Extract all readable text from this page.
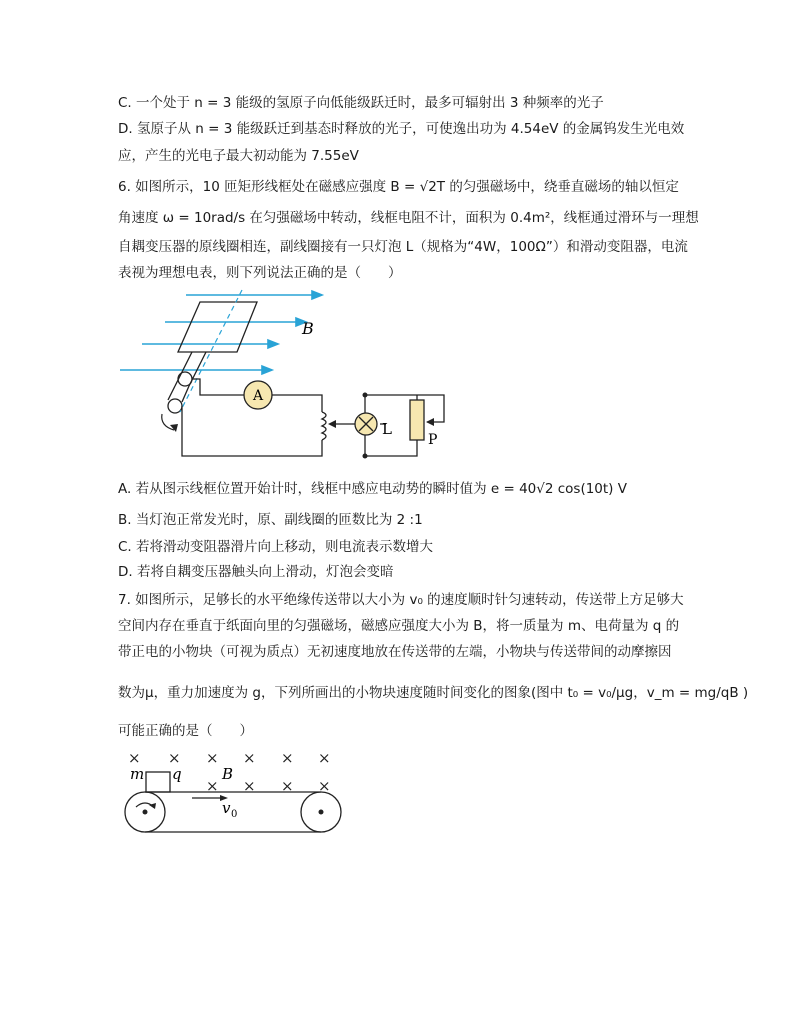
C. 一个处于 n = 3 能级的氢原子向低能级跃迁时，最多可辐射出 3 种频率的光子
D. 氢原子从 n = 3 能级跃迁到基态时释放的光子，可使逸出功为 4.54eV 的金属钨发生光电效
应，产生的光电子最大初动能为 7.55eV
6. 如图所示，10 匝矩形线框处在磁感应强度 B = √2T 的匀强磁场中，绕垂直磁场的轴以恒定
角速度 ω = 10rad/s 在匀强磁场中转动，线框电阻不计，面积为 0.4m²，线框通过滑环与一理想
自耦变压器的原线圈相连，副线圈接有一只灯泡 L（规格为“4W，100Ω”）和滑动变阻器，电流
表视为理想电表，则下列说法正确的是（　　）
B
A
L
P
A. 若从图示线框位置开始计时，线框中感应电动势的瞬时值为 e = 40√2 cos(10t) V
B. 当灯泡正常发光时，原、副线圈的匝数比为 2 :1
C. 若将滑动变阻器滑片向上移动，则电流表示数增大
D. 若将自耦变压器触头向上滑动，灯泡会变暗
7. 如图所示，足够长的水平绝缘传送带以大小为 v₀ 的速度顺时针匀速转动，传送带上方足够大
空间内存在垂直于纸面向里的匀强磁场，磁感应强度大小为 B，将一质量为 m、电荷量为 q 的
带正电的小物块（可视为质点）无初速度地放在传送带的左端，小物块与传送带间的动摩擦因
数为μ，重力加速度为 g，下列所画出的小物块速度随时间变化的图象(图中 t₀ = v₀/μg，v_m = mg/qB )
可能正确的是（　　）
× × × × × ×
× × × ×
m q	B
v 0
